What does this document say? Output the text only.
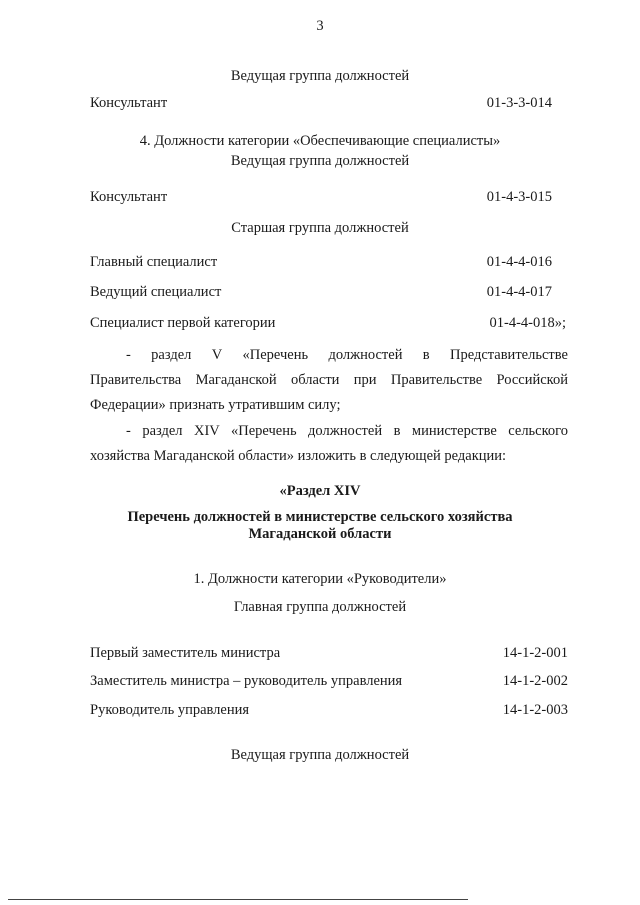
3
Ведущая группа должностей
Консультант	01-3-3-014
4. Должности категории «Обеспечивающие специалисты»
Ведущая группа должностей
Консультант	01-4-3-015
Старшая группа должностей
Главный специалист	01-4-4-016
Ведущий специалист	01-4-4-017
Специалист первой категории	01-4-4-018»;
- раздел V «Перечень должностей в Представительстве
Правительства Магаданской области при Правительстве Российской
Федерации» признать утратившим силу;
- раздел XIV «Перечень должностей в министерстве сельского
хозяйства Магаданской области» изложить в следующей редакции:
«Раздел XIV
Перечень должностей в министерстве сельского хозяйства
Магаданской области
1. Должности категории «Руководители»
Главная группа должностей
Первый заместитель министра	14-1-2-001
Заместитель министра – руководитель управления	14-1-2-002
Руководитель управления	14-1-2-003
Ведущая группа должностей
